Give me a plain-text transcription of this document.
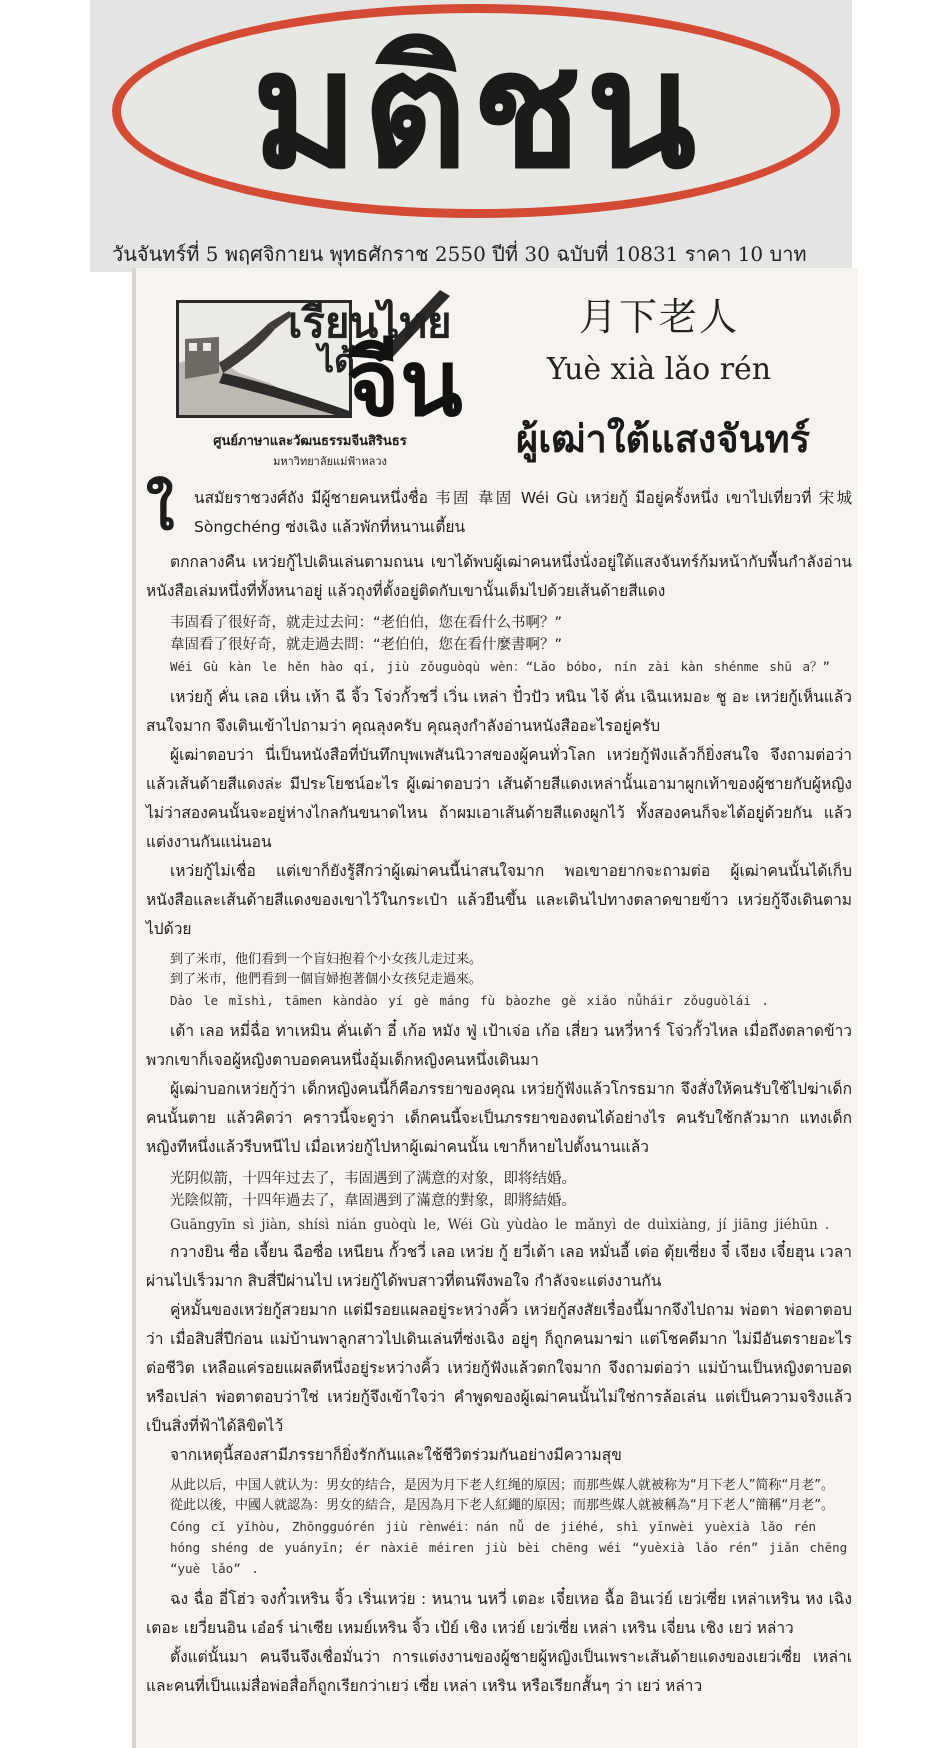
มติชน
วันจันทร์ที่ 5 พฤศจิกายน พุทธศักราช 2550 ปีที่ 30 ฉบับที่ 10831 ราคา 10 บาท
เรียนไทย
ได้
จีน
ศูนย์ภาษาและวัฒนธรรมจีนสิรินธร
มหาวิทยาลัยแม่ฟ้าหลวง
月下老人
Yuè xià lǎo rén
ผู้เฒ่าใต้แสงจันทร์
ใ นสมัยราชวงศ์ถัง มีผู้ชายคนหนึ่งชื่อ 韦固 韋固 Wéi Gù เหว่ยกู้ มีอยู่ครั้งหนึ่ง เขาไปเที่ยวที่ 宋城 Sòngchéng ซ่งเฉิง แล้วพักที่หนานเตี้ยน

ตกกลางคืน เหว่ยกู้ไปเดินเล่นตามถนน เขาได้พบผู้เฒ่าคนหนึ่งนั่งอยู่ใต้แสงจันทร์ก้มหน้ากับพื้นกำลังอ่านหนังสือเล่มหนึ่งที่ทั้งหนาอยู่ แล้วถุงที่ตั้งอยู่ติดกับเขานั้นเต็มไปด้วยเส้นด้ายสีแดง

韦固看了很好奇，就走过去问：“老伯伯，您在看什么书啊？”

韋固看了很好奇，就走過去問：“老伯伯，您在看什麼書啊？”

Wéi Gù kàn le hěn hào qí, jiù zǒuguòqù wèn：“Lǎo bóbo, nín zài kàn shénme shū a？”

เหว่ยกู้ คั่น เลอ เหิ่น เห้า ฉี จิ้ว โจ่วกั้วชวี่ เวิ่น เหล่า ปั๋วปัว หนิน ไจ้ คั่น เฉินเหมอะ ชู อะ เหว่ยกู้เห็นแล้วสนใจมาก จึงเดินเข้าไปถามว่า คุณลุงครับ คุณลุงกำลังอ่านหนังสืออะไรอยู่ครับ

ผู้เฒ่าตอบว่า นี่เป็นหนังสือที่บันทึกบุพเพสันนิวาสของผู้คนทั่วโลก เหว่ยกู้ฟังแล้วก็ยิ่งสนใจ จึงถามต่อว่าแล้วเส้นด้ายสีแดงล่ะ มีประโยชน์อะไร ผู้เฒ่าตอบว่า เส้นด้ายสีแดงเหล่านั้นเอามาผูกเท้าของผู้ชายกับผู้หญิง ไม่ว่าสองคนนั้นจะอยู่ห่างไกลกันขนาดไหน ถ้าผมเอาเส้นด้ายสีแดงผูกไว้ ทั้งสองคนก็จะได้อยู่ด้วยกัน แล้วแต่งงานกันแน่นอน

เหว่ยกู้ไม่เชื่อ แต่เขาก็ยังรู้สึกว่าผู้เฒ่าคนนี้น่าสนใจมาก พอเขาอยากจะถามต่อ ผู้เฒ่าคนนั้นได้เก็บหนังสือและเส้นด้ายสีแดงของเขาไว้ในกระเป๋า แล้วยืนขึ้น และเดินไปทางตลาดขายข้าว เหว่ยกู้จึงเดินตามไปด้วย

到了米市，他们看到一个盲妇抱着个小女孩儿走过来。

到了米市，他們看到一個盲婦抱著個小女孩兒走過來。

Dào le mǐshì, tāmen kàndào yí gè máng fù bàozhe gè xiǎo nǚháir zǒuguòlái .

เต้า เลอ หมี่ฉื่อ ทาเหมิน คั่นเต้า อี๋ เก้อ หมัง ฟู่ เป้าเจ่อ เก้อ เสี่ยว นหวี่หาร์ โจ่วกั้วไหล เมื่อถึงตลาดข้าวพวกเขาก็เจอผู้หญิงตาบอดคนหนึ่งอุ้มเด็กหญิงคนหนึ่งเดินมา

ผู้เฒ่าบอกเหว่ยกู้ว่า เด็กหญิงคนนี้ก็คือภรรยาของคุณ เหว่ยกู้ฟังแล้วโกรธมาก จึงสั่งให้คนรับใช้ไปฆ่าเด็กคนนั้นตาย แล้วคิดว่า คราวนี้จะดูว่า เด็กคนนี้จะเป็นภรรยาของตนได้อย่างไร คนรับใช้กลัวมาก แทงเด็กหญิงทีหนึ่งแล้วรีบหนีไป เมื่อเหว่ยกู้ไปหาผู้เฒ่าคนนั้น เขาก็หายไปตั้งนานแล้ว

光阴似箭，十四年过去了，韦固遇到了满意的对象，即将结婚。

光陰似箭，十四年過去了，韋固遇到了滿意的對象，即將結婚。

Guāngyīn sì jiàn, shísì nián guòqù le, Wéi Gù yùdào le mǎnyì de duìxiàng, jí jiāng jiéhūn .

กวางยิน ซื่อ เจี้ยน ฉือซื่อ เหนียน กั้วชวี่ เลอ เหว่ย กู้ ยวี่เต้า เลอ หมั่นอี้ เต่อ ตุ้ยเซี่ยง จี๋ เจียง เจี๋ยฮุน เวลาผ่านไปเร็วมาก สิบสี่ปีผ่านไป เหว่ยกู้ได้พบสาวที่ตนพึงพอใจ กำลังจะแต่งงานกัน

คู่หมั้นของเหว่ยกู้สวยมาก แต่มีรอยแผลอยู่ระหว่างคิ้ว เหว่ยกู้สงสัยเรื่องนี้มากจึงไปถาม พ่อตา พ่อตาตอบว่า เมื่อสิบสี่ปีก่อน แม่บ้านพาลูกสาวไปเดินเล่นที่ซ่งเฉิง อยู่ๆ ก็ถูกคนมาฆ่า แต่โชคดีมาก ไม่มีอันตรายอะไรต่อชีวิต เหลือแค่รอยแผลตีหนึ่งอยู่ระหว่างคิ้ว เหว่ยกู้ฟังแล้วตกใจมาก จึงถามต่อว่า แม่บ้านเป็นหญิงตาบอดหรือเปล่า พ่อตาตอบว่าใช่ เหว่ยกู้จึงเข้าใจว่า คำพูดของผู้เฒ่าคนนั้นไม่ใช่การล้อเล่น แต่เป็นความจริงแล้วเป็นสิ่งที่ฟ้าได้ลิขิตไว้

จากเหตุนี้สองสามีภรรยาก็ยิ่งรักกันและใช้ชีวิตร่วมกันอย่างมีความสุข

从此以后，中国人就认为：男女的结合，是因为月下老人红绳的原因；而那些媒人就被称为“月下老人”简称“月老”。

從此以後，中國人就認為：男女的結合，是因為月下老人紅繩的原因；而那些媒人就被稱為“月下老人”簡稱“月老”。

Cóng cǐ yǐhòu, Zhōngguórén jiù rènwéi：nán nǚ de jiéhé, shì yīnwèi yuèxià lǎo rén hóng shéng de yuányīn; ér nàxiē méiren jiù bèi chēng wéi “yuèxià lǎo rén” jiǎn chēng “yuè lǎo” .

ฉง ฉื่อ อี่โฮ่ว จงกั๋วเหริน จิ้ว เริ่นเหว่ย : หนาน นหวี่ เตอะ เจี๋ยเหอ ฉื้อ อินเว่ย์ เยว่เซี่ย เหล่าเหริน หง เฉิง เตอะ เยวี่ยนอิน เอ๋อร์ น่าเซีย เหมย์เหริน จิ้ว เป้ย์ เชิง เหว่ย์ เยว่เซี่ย เหล่า เหริน เจี่ยน เชิง เยว่ หล่าว

ตั้งแต่นั้นมา คนจีนจึงเชื่อมั่นว่า การแต่งงานของผู้ชายผู้หญิงเป็นเพราะเส้นด้ายแดงของเยว่เซี่ย เหล่าเ และคนที่เป็นแม่สื่อพ่อสื่อก็ถูกเรียกว่าเยว่ เซี่ย เหล่า เหริน หรือเรียกสั้นๆ ว่า เยว่ หล่าว
